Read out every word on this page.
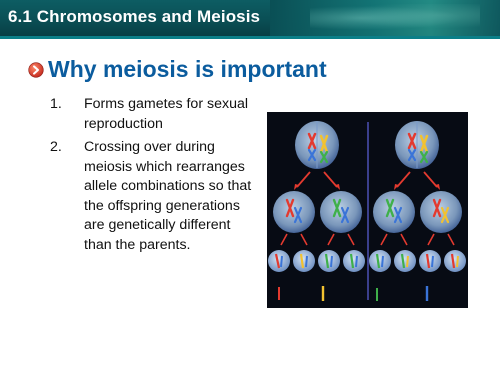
6.1 Chromosomes and Meiosis
Why meiosis is important
1. Forms gametes for sexual reproduction
2. Crossing over during meiosis which rearranges allele combinations so that the offspring generations are genetically different than the parents.
